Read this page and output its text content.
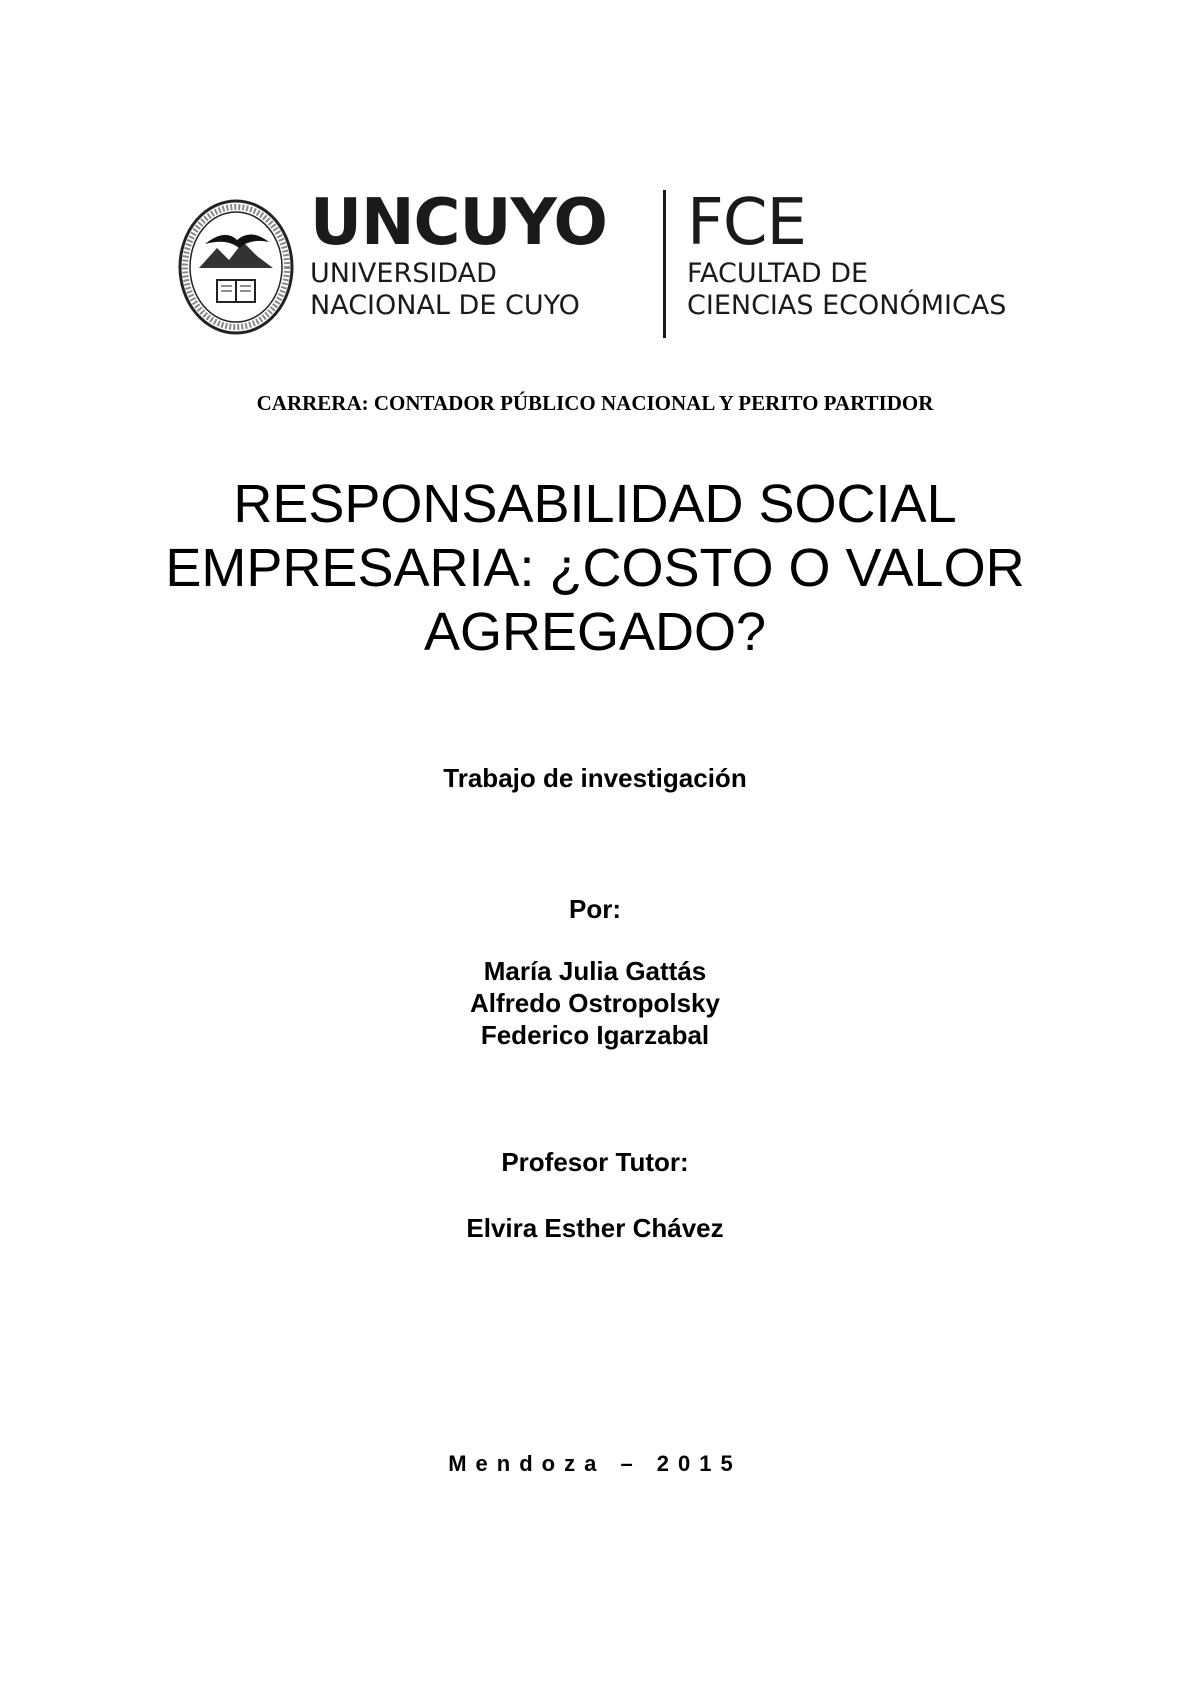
UNCUYO
UNIVERSIDAD
NACIONAL DE CUYO
FCE
FACULTAD DE
CIENCIAS ECONÓMICAS
CARRERA: CONTADOR PÚBLICO NACIONAL Y PERITO PARTIDOR
RESPONSABILIDAD SOCIAL
EMPRESARIA: ¿COSTO O VALOR
AGREGADO?
Trabajo de investigación
Por:
María Julia Gattás
Alfredo Ostropolsky
Federico Igarzabal
Profesor Tutor:
Elvira Esther Chávez
Mendoza – 2015
